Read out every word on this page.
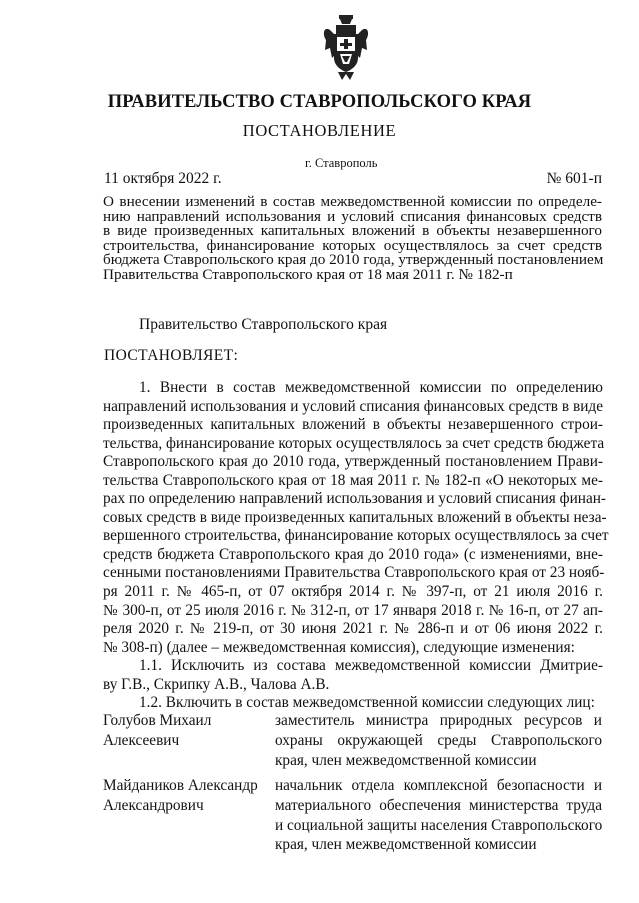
ПРАВИТЕЛЬСТВО СТАВРОПОЛЬСКОГО КРАЯ
ПОСТАНОВЛЕНИЕ
г. Ставрополь
11 октября 2022 г.	№ 601-п
О внесении изменений в состав межведомственной комиссии по определе-
нию направлений использования и условий списания финансовых средств
в виде произведенных капитальных вложений в объекты незавершенного
строительства, финансирование которых осуществлялось за счет средств
бюджета Ставропольского края до 2010 года, утвержденный постановлением
Правительства Ставропольского края от 18 мая 2011 г. № 182-п
Правительство Ставропольского края
ПОСТАНОВЛЯЕТ:
1. Внести в состав межведомственной комиссии по определению
направлений использования и условий списания финансовых средств в виде
произведенных капитальных вложений в объекты незавершенного строи-
тельства, финансирование которых осуществлялось за счет средств бюджета
Ставропольского края до 2010 года, утвержденный постановлением Прави-
тельства Ставропольского края от 18 мая 2011 г. № 182-п «О некоторых ме-
рах по определению направлений использования и условий списания финан-
совых средств в виде произведенных капитальных вложений в объекты неза-
вершенного строительства, финансирование которых осуществлялось за счет
средств бюджета Ставропольского края до 2010 года» (с изменениями, вне-
сенными постановлениями Правительства Ставропольского края от 23 нояб-
ря 2011 г. № 465-п, от 07 октября 2014 г. № 397-п, от 21 июля 2016 г.
№ 300-п, от 25 июля 2016 г. № 312-п, от 17 января 2018 г. № 16-п, от 27 ап-
реля 2020 г. № 219-п, от 30 июня 2021 г. № 286-п и от 06 июня 2022 г.
№ 308-п) (далее – межведомственная комиссия), следующие изменения:
1.1. Исключить из состава межведомственной комиссии Дмитрие-
ву Г.В., Скрипку А.В., Чалова А.В.
1.2. Включить в состав межведомственной комиссии следующих лиц:
Голубов Михаил
Алексеевич
заместитель министра природных ресурсов и
охраны окружающей среды Ставропольского
края, член межведомственной комиссии
Майдаников Александр
Александрович
начальник отдела комплексной безопасности и
материального обеспечения министерства труда
и социальной защиты населения Ставропольского
края, член межведомственной комиссии
